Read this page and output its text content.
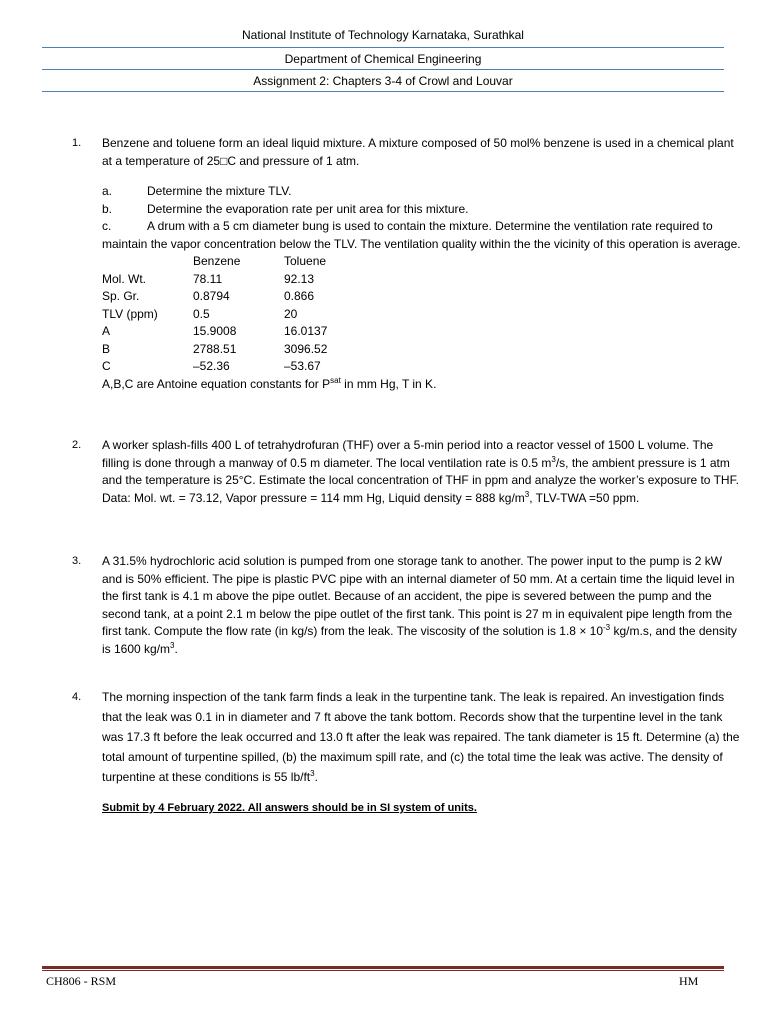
National Institute of Technology Karnataka, Surathkal
Department of Chemical Engineering
Assignment 2: Chapters 3-4 of Crowl and Louvar
1.	Benzene and toluene form an ideal liquid mixture. A mixture composed of 50 mol% benzene is used in a chemical plant at a temperature of 25□C and pressure of 1 atm.
a.	Determine the mixture TLV.
b.	Determine the evaporation rate per unit area for this mixture.
c.	A drum with a 5 cm diameter bung is used to contain the mixture. Determine the ventilation rate required to maintain the vapor concentration below the TLV. The ventilation quality within the the vicinity of this operation is average.
	Benzene	Toluene
Mol. Wt.	78.11	92.13
Sp. Gr.	0.8794	0.866
TLV (ppm)	0.5	20
A	15.9008	16.0137
B	2788.51	3096.52
C	–52.36	–53.67
A,B,C are Antoine equation constants for $P^{sat}$ in mm Hg, T in K.
2.	A worker splash-fills 400 L of tetrahydrofuran (THF) over a 5-min period into a reactor vessel of 1500 L volume. The filling is done through a manway of 0.5 m diameter. The local ventilation rate is 0.5 $m^3/s$, the ambient pressure is 1 atm and the temperature is 25°C. Estimate the local concentration of THF in ppm and analyze the worker’s exposure to THF. Data: Mol. wt. = 73.12, Vapor pressure = 114 mm Hg, Liquid density = 888 $kg/m^3$, TLV-TWA =50 ppm.
3.	A 31.5% hydrochloric acid solution is pumped from one storage tank to another. The power input to the pump is 2 kW and is 50% efficient. The pipe is plastic PVC pipe with an internal diameter of 50 mm. At a certain time the liquid level in the first tank is 4.1 m above the pipe outlet. Because of an accident, the pipe is severed between the pump and the second tank, at a point 2.1 m below the pipe outlet of the first tank. This point is 27 m in equivalent pipe length from the first tank. Compute the flow rate (in kg/s) from the leak. The viscosity of the solution is $1.8 \times 10^{-3}$ kg/m.s, and the density is 1600 $kg/m^3$.
4.	The morning inspection of the tank farm finds a leak in the turpentine tank. The leak is repaired. An investigation finds that the leak was 0.1 in in diameter and 7 ft above the tank bottom. Records show that the turpentine level in the tank was 17.3 ft before the leak occurred and 13.0 ft after the leak was repaired. The tank diameter is 15 ft. Determine (a) the total amount of turpentine spilled, (b) the maximum spill rate, and (c) the total time the leak was active. The density of turpentine at these conditions is 55 $lb/ft^3$.
Submit by 4 February 2022. All answers should be in SI system of units.
CH806 - RSM	HM
